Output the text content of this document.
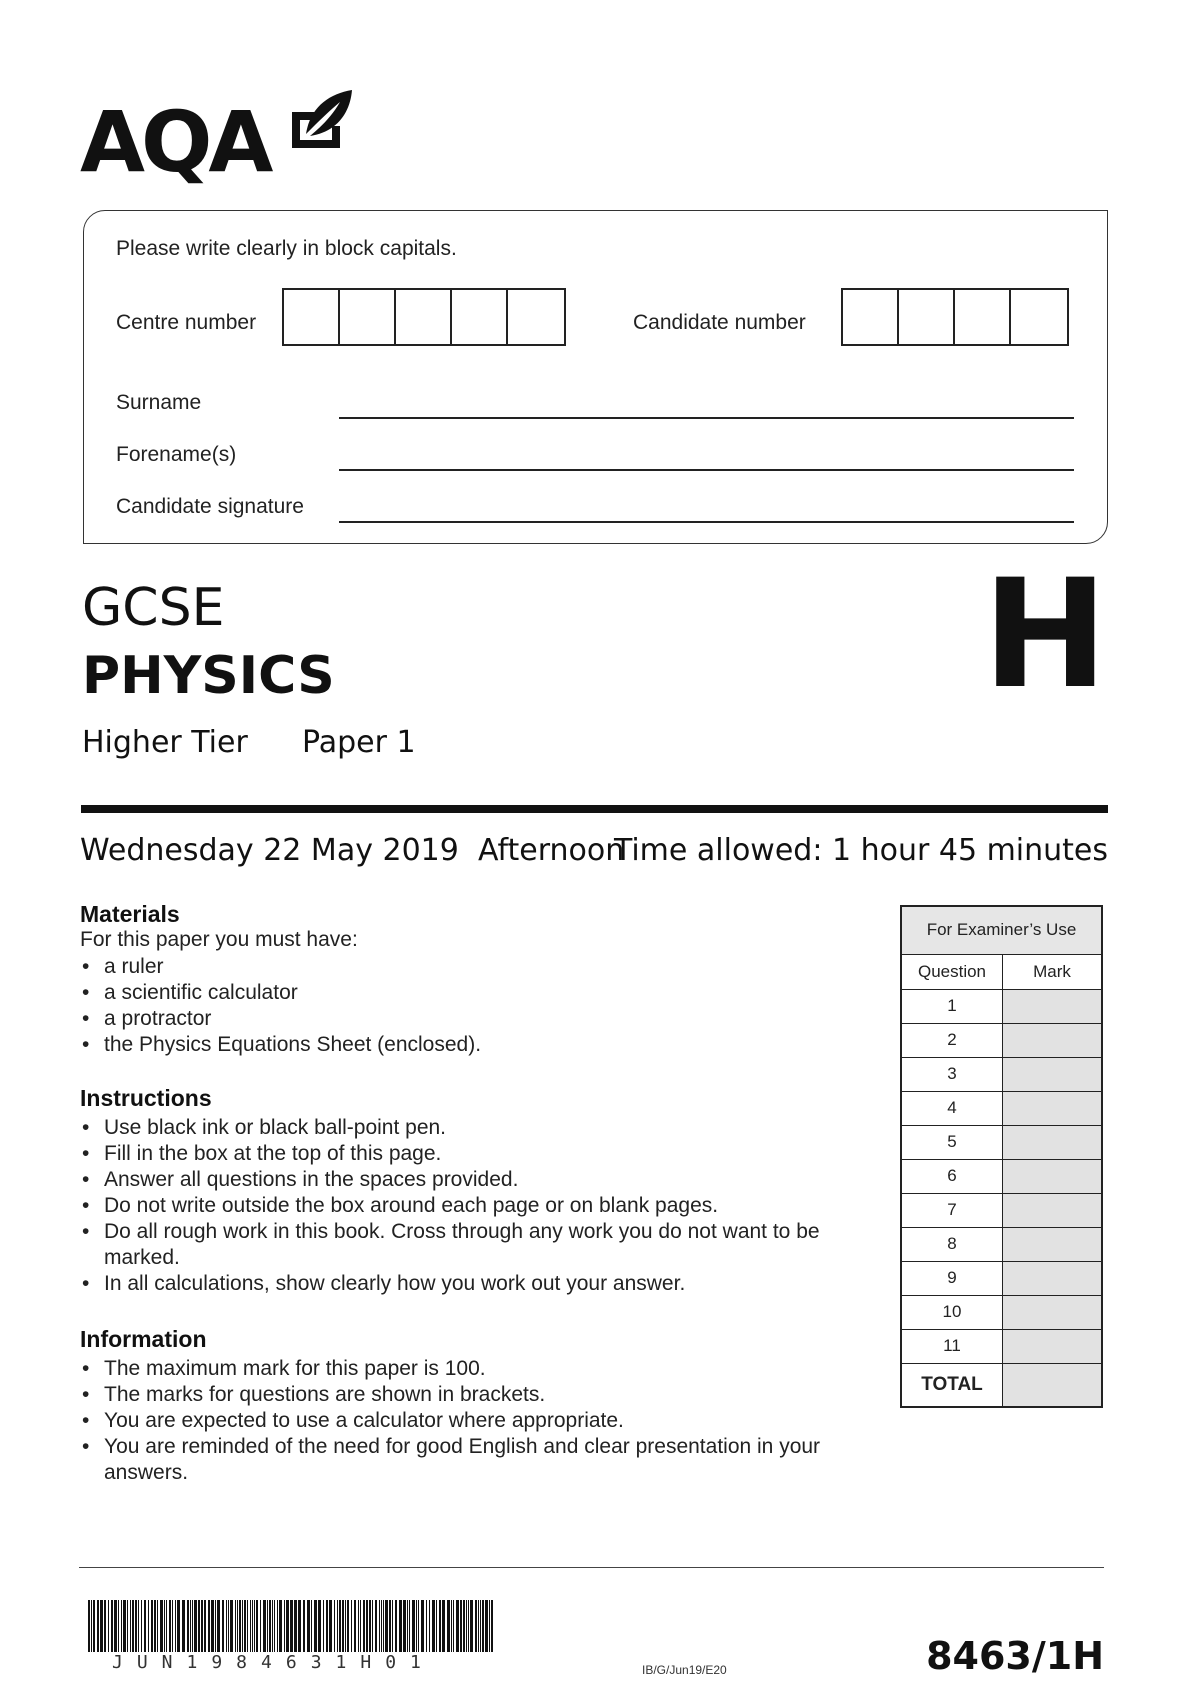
AQA
Please write clearly in block capitals.
Centre number	Candidate number
Surname
Forename(s)
Candidate signature
GCSE
PHYSICS
Higher Tier Paper 1
H
Wednesday 22 May 2019 Afternoon
Time allowed: 1 hour 45 minutes
Materials
For this paper you must have:
• a ruler
• a scientific calculator
• a protractor
• the Physics Equations Sheet (enclosed).
Instructions
• Use black ink or black ball-point pen.
• Fill in the box at the top of this page.
• Answer all questions in the spaces provided.
• Do not write outside the box around each page or on blank pages.
• Do all rough work in this book. Cross through any work you do not want to be marked.
• In all calculations, show clearly how you work out your answer.
Information
• The maximum mark for this paper is 100.
• The marks for questions are shown in brackets.
• You are expected to use a calculator where appropriate.
• You are reminded of the need for good English and clear presentation in your answers.
For Examiner’s Use	
Question	Mark
1	
2	
3	
4	
5	
6	
7	
8	
9	
10	
11	
TOTAL	
JUN1984631H01	IB/G/Jun19/E20	8463/1H
